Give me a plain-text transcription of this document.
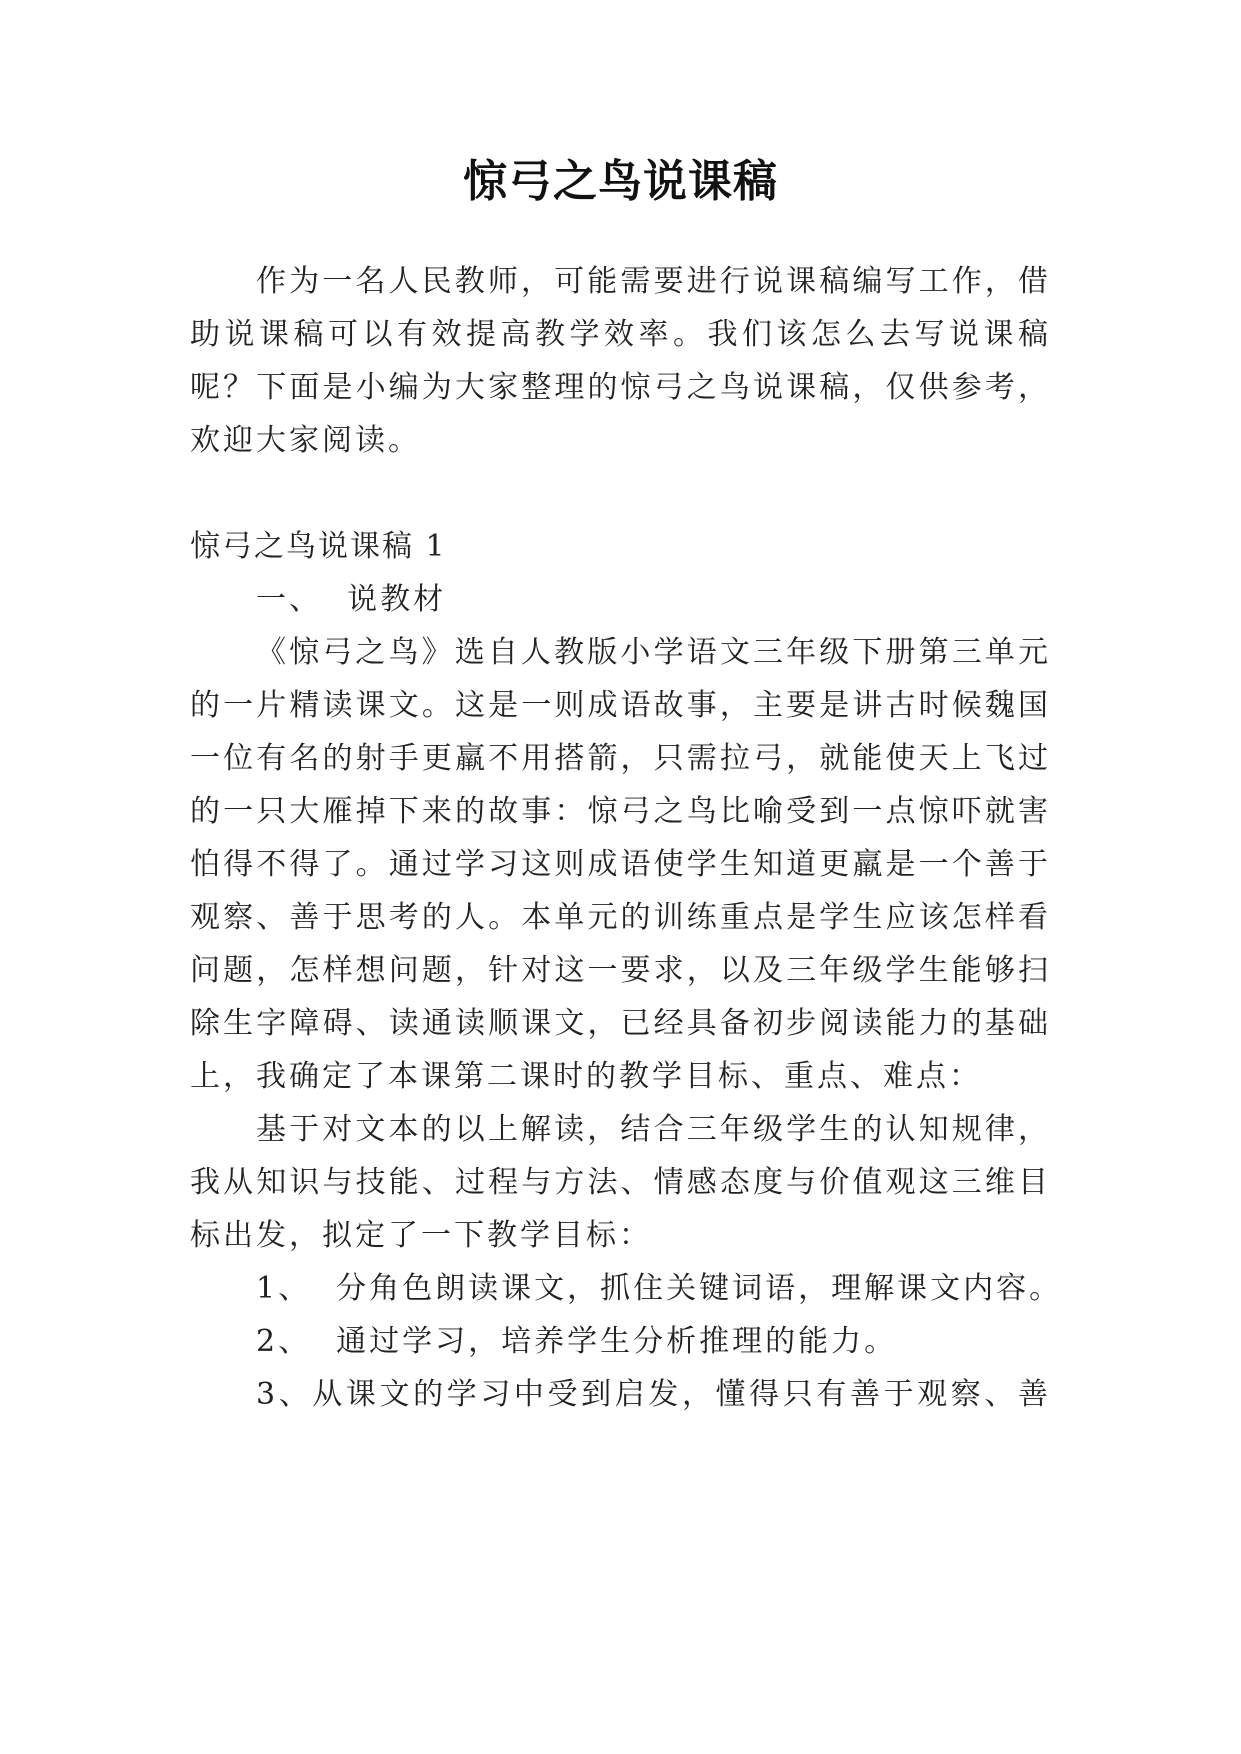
惊弓之鸟说课稿
作为一名人民教师，可能需要进行说课稿编写工作，借
助说课稿可以有效提高教学效率。我们该怎么去写说课稿
呢？下面是小编为大家整理的惊弓之鸟说课稿，仅供参考，
欢迎大家阅读。
惊弓之鸟说课稿 1
一、  说教材
《惊弓之鸟》选自人教版小学语文三年级下册第三单元
的一片精读课文。这是一则成语故事，主要是讲古时候魏国
一位有名的射手更羸不用搭箭，只需拉弓，就能使天上飞过
的一只大雁掉下来的故事：惊弓之鸟比喻受到一点惊吓就害
怕得不得了。通过学习这则成语使学生知道更羸是一个善于
观察、善于思考的人。本单元的训练重点是学生应该怎样看
问题，怎样想问题，针对这一要求，以及三年级学生能够扫
除生字障碍、读通读顺课文，已经具备初步阅读能力的基础
上，我确定了本课第二课时的教学目标、重点、难点：
基于对文本的以上解读，结合三年级学生的认知规律，
我从知识与技能、过程与方法、情感态度与价值观这三维目
标出发，拟定了一下教学目标：
1、  分角色朗读课文，抓住关键词语，理解课文内容。
2、  通过学习，培养学生分析推理的能力。
3、从课文的学习中受到启发，懂得只有善于观察、善
